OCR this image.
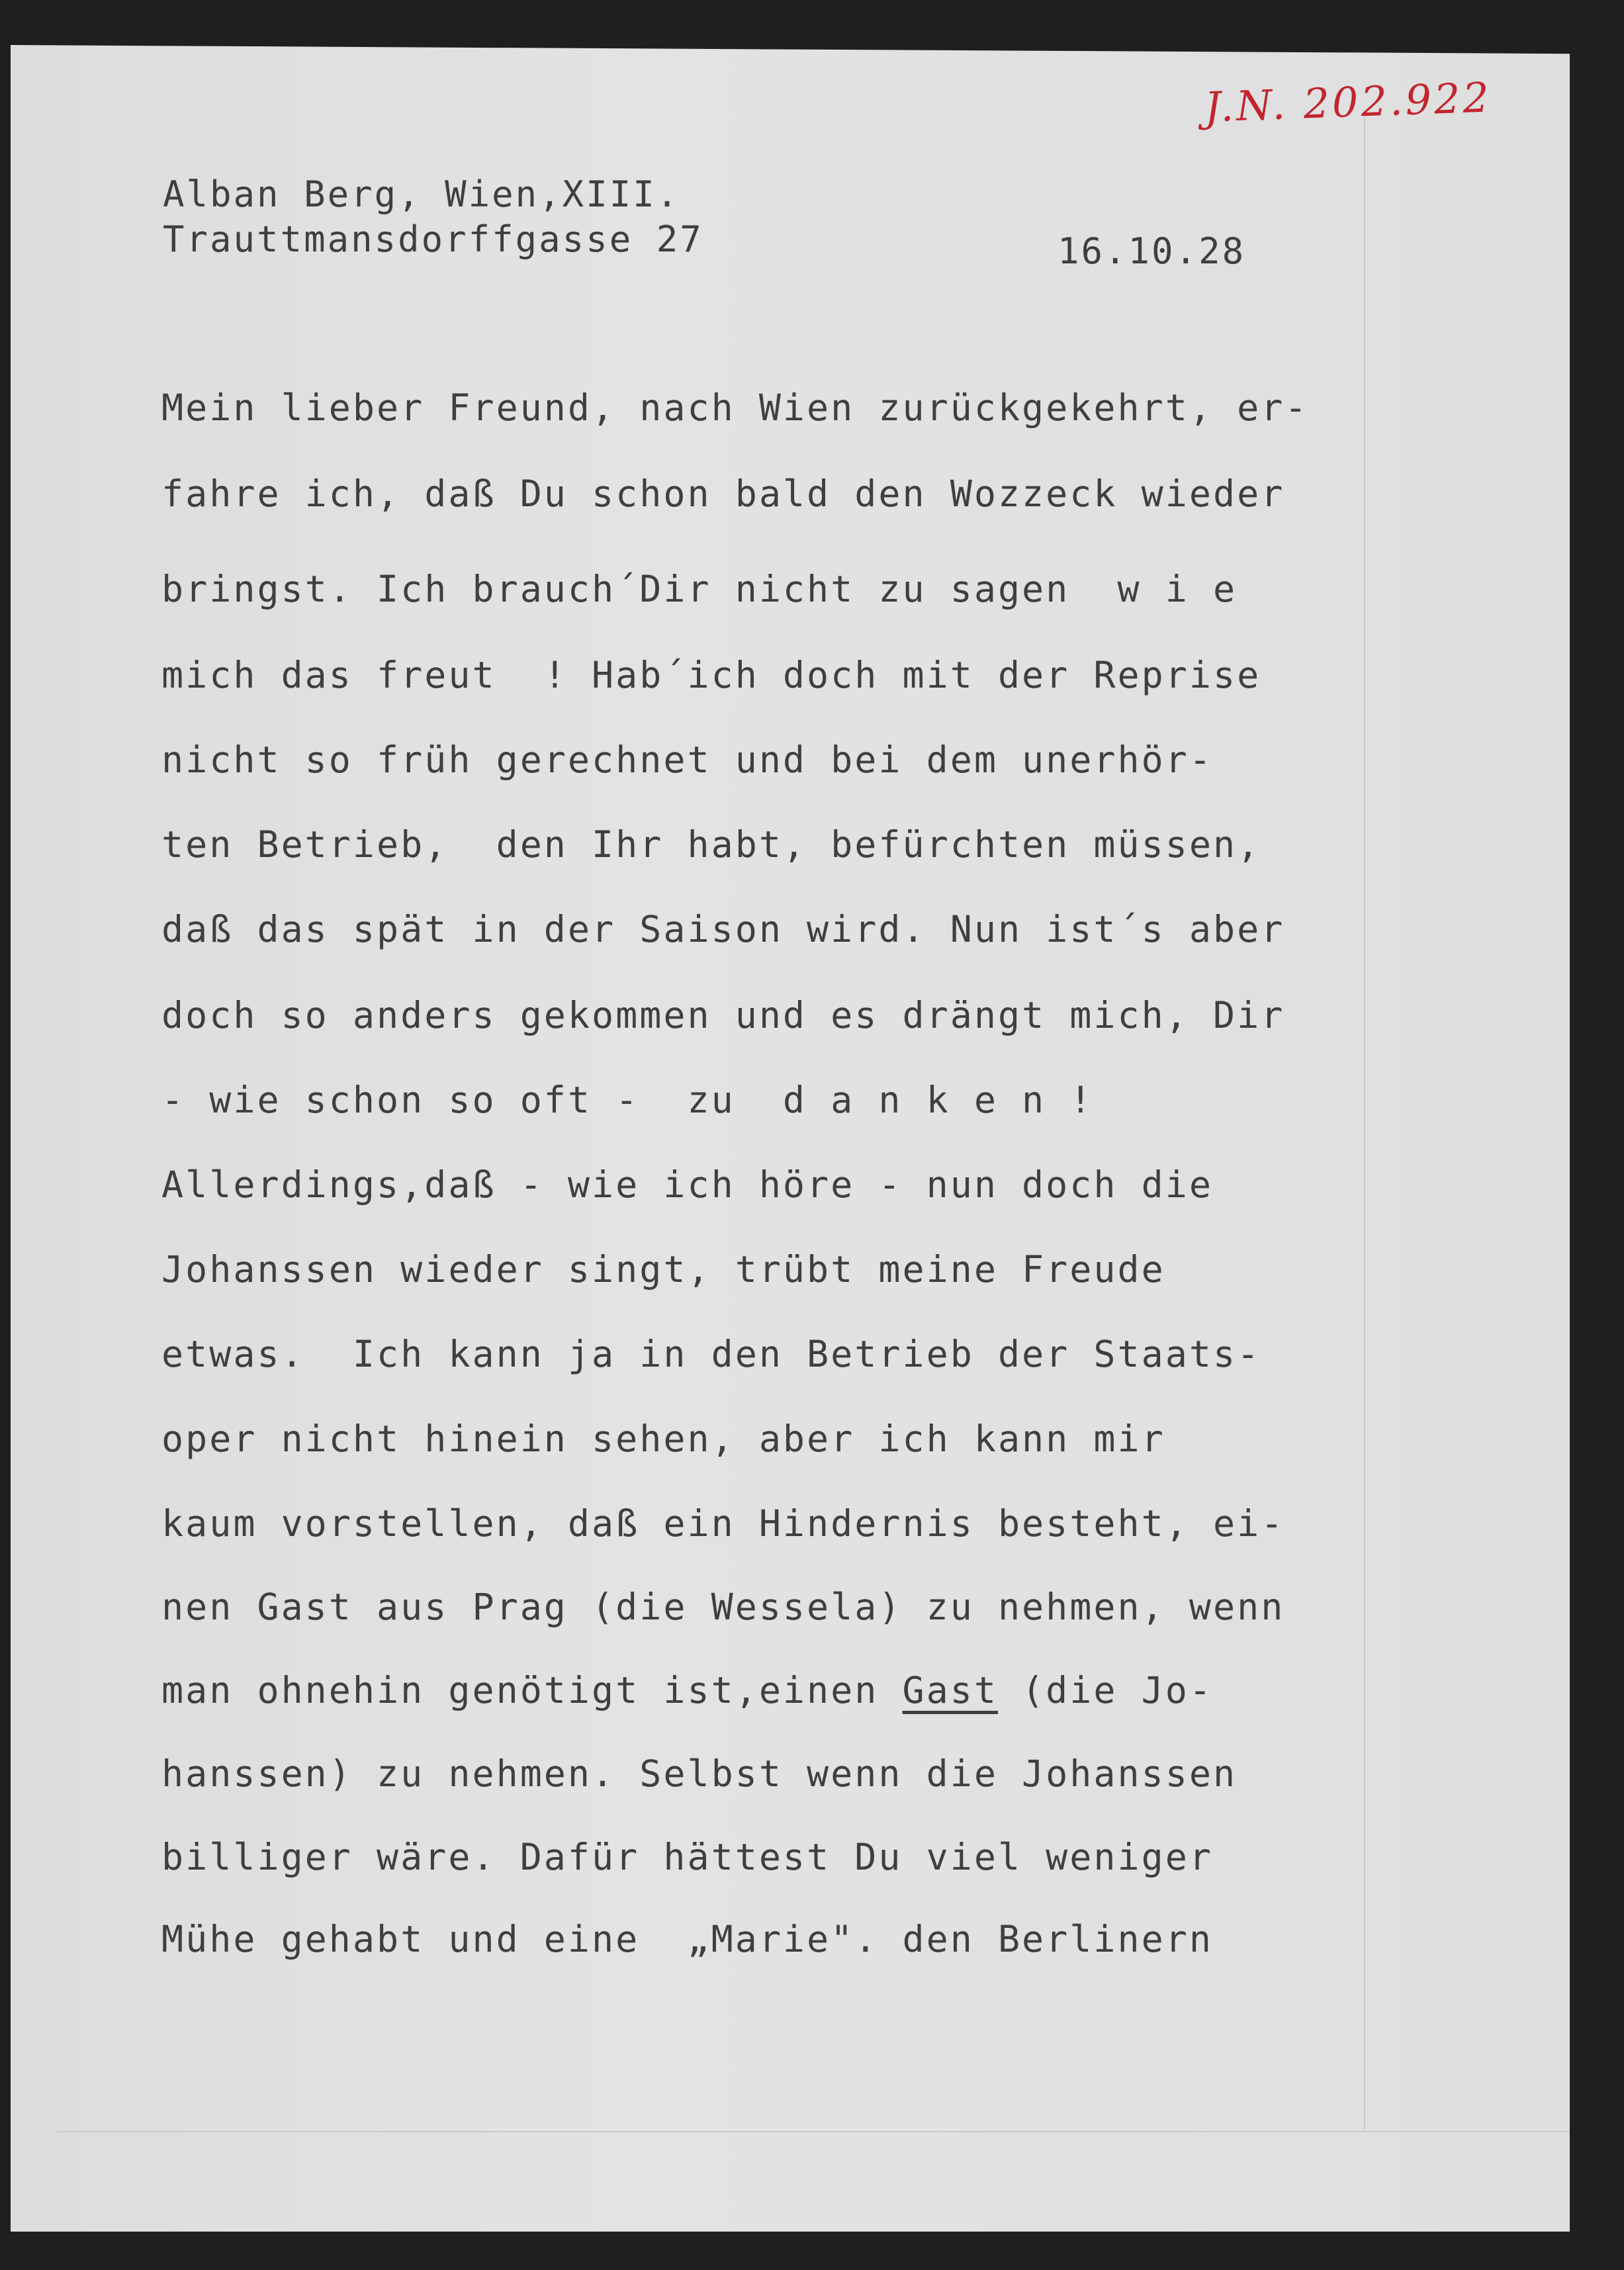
J.N. 202.922
Alban Berg, Wien,XIII.
Trauttmansdorffgasse 27	16.10.28
Mein lieber Freund, nach Wien zurückgekehrt, er-
fahre ich, daß Du schon bald den Wozzeck wieder
bringst. Ich brauch´Dir nicht zu sagen  w i e
mich das freut  ! Hab´ich doch mit der Reprise
nicht so früh gerechnet und bei dem unerhör-
ten Betrieb,  den Ihr habt, befürchten müssen,
daß das spät in der Saison wird. Nun ist´s aber
doch so anders gekommen und es drängt mich, Dir
- wie schon so oft -  zu  d a n k e n !
Allerdings,daß - wie ich höre - nun doch die
Johanssen wieder singt, trübt meine Freude
etwas.  Ich kann ja in den Betrieb der Staats-
oper nicht hinein sehen, aber ich kann mir
kaum vorstellen, daß ein Hindernis besteht, ei-
nen Gast aus Prag (die Wessela) zu nehmen, wenn
man ohnehin genötigt ist,einen Gast (die Jo-
hanssen) zu nehmen. Selbst wenn die Johanssen
billiger wäre. Dafür hättest Du viel weniger
Mühe gehabt und eine  „Marie". den Berlinern
